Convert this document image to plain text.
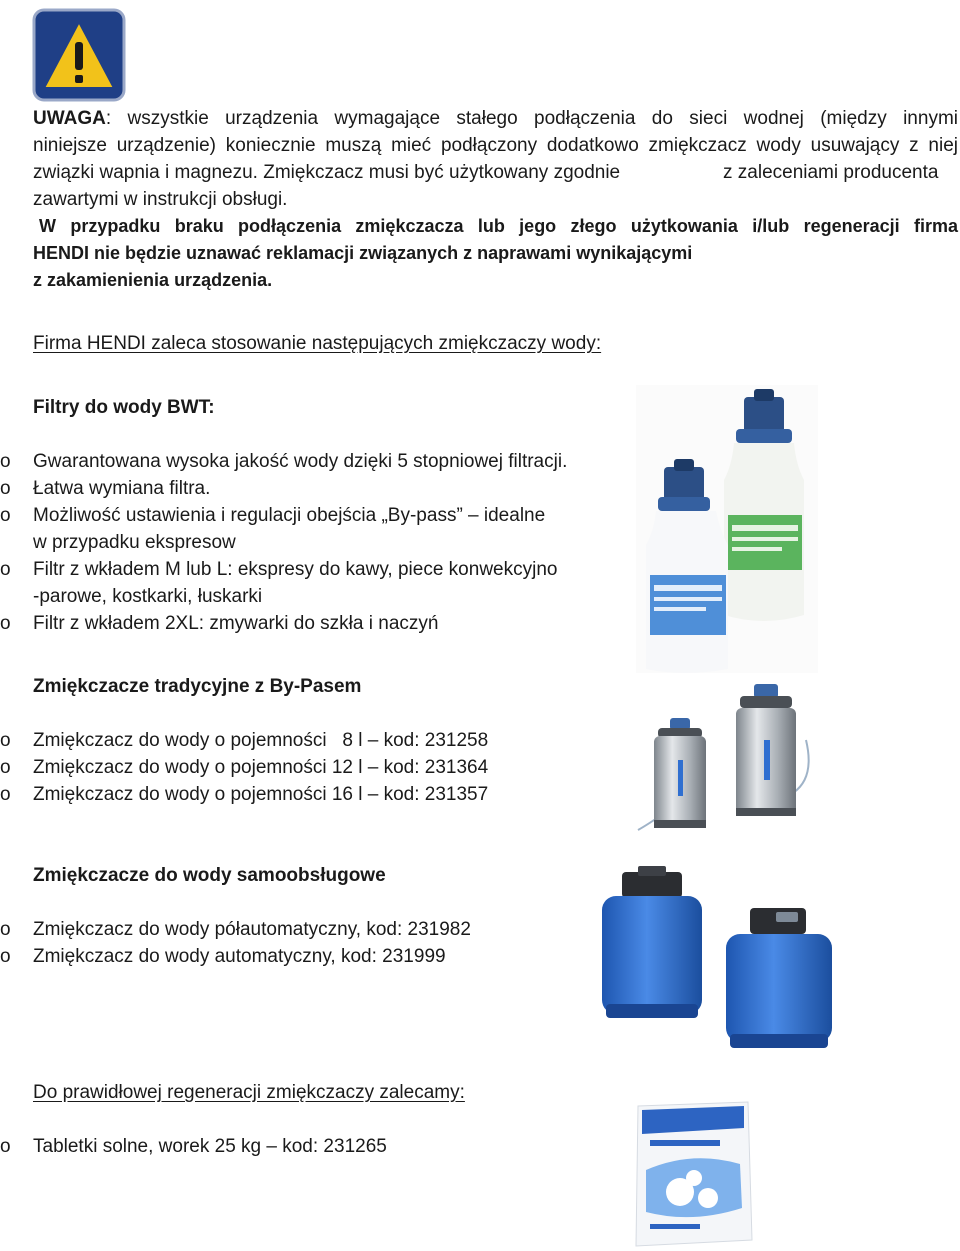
UWAGA: wszystkie urządzenia wymagające stałego podłączenia do sieci wodnej (między innymi
niniejsze urządzenie) koniecznie muszą mieć podłączony dodatkowo zmiękczacz wody usuwający z niej
związki wapnia i magnezu. Zmiękczacz musi być użytkowany zgodnie	z zaleceniami producenta
zawartymi w instrukcji obsługi.
W przypadku braku podłączenia zmiękczacza lub jego złego użytkowania i/lub regeneracji firma
HENDI nie będzie uznawać reklamacji związanych z naprawami wynikającymi
z zakamienienia urządzenia.
Firma HENDI zaleca stosowanie następujących zmiękczaczy wody:
Filtry do wody BWT:
o Gwarantowana wysoka jakość wody dzięki 5 stopniowej filtracji.
o Łatwa wymiana filtra.
o Możliwość ustawienia i regulacji obejścia „By-pass” – idealne
w przypadku ekspresow
o Filtr z wkładem M lub L: ekspresy do kawy, piece konwekcyjno
-parowe, kostkarki, łuskarki
o Filtr z wkładem 2XL: zmywarki do szkła i naczyń
Zmiękczacze tradycyjne z By-Pasem
o Zmiękczacz do wody o pojemności   8 l – kod: 231258
o Zmiękczacz do wody o pojemności 12 l – kod: 231364
o Zmiękczacz do wody o pojemności 16 l – kod: 231357
Zmiękczacze do wody samoobsługowe
o Zmiękczacz do wody półautomatyczny, kod: 231982
o Zmiękczacz do wody automatyczny, kod: 231999
Do prawidłowej regeneracji zmiękczaczy zalecamy:
o Tabletki solne, worek 25 kg – kod: 231265
